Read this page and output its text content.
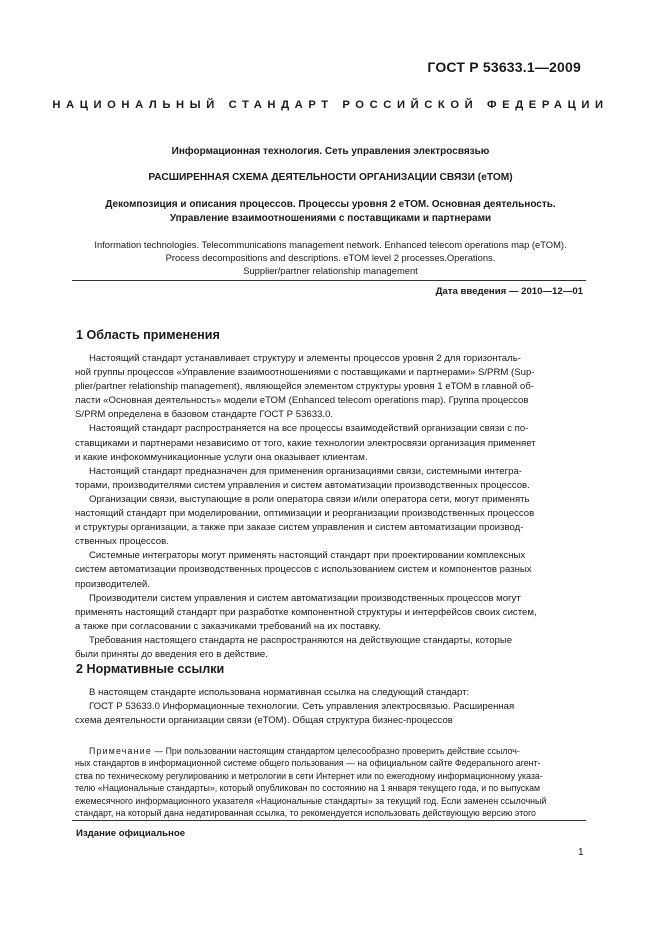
ГОСТ Р 53633.1—2009
НАЦИОНАЛЬНЫЙ СТАНДАРТ РОССИЙСКОЙ ФЕДЕРАЦИИ
Информационная технология. Сеть управления электросвязью
РАСШИРЕННАЯ СХЕМА ДЕЯТЕЛЬНОСТИ ОРГАНИЗАЦИИ СВЯЗИ (еТОМ)
Декомпозиция и описания процессов. Процессы уровня 2 еТОМ. Основная деятельность.
Управление взаимоотношениями с поставщиками и партнерами
Information technologies. Telecommunications management network. Enhanced telecom operations map (eTOM).
Process decompositions and descriptions. eTOM level 2 processes.Operations.
Supplier/partner relationship management
Дата введения — 2010—12—01
1 Область применения
Настоящий стандарт устанавливает структуру и элементы процессов уровня 2 для горизонталь-
ной группы процессов «Управление взаимоотношениями с поставщиками и партнерами» S/PRM (Sup-
plier/partner relationship management), являющейся элементом структуры уровня 1 еТОМ в главной об-
ласти «Основная деятельность» модели еТОМ (Enhanced telecom operations map). Группа процессов
S/PRM определена в базовом стандарте ГОСТ Р 53633.0.
Настоящий стандарт распространяется на все процессы взаимодействий организации связи с по-
ставщиками и партнерами независимо от того, какие технологии электросвязи организация применяет
и какие инфокоммуникационные услуги она оказывает клиентам.
Настоящий стандарт предназначен для применения организациями связи, системными интегра-
торами, производителями систем управления и систем автоматизации производственных процессов.
Организации связи, выступающие в роли оператора связи и/или оператора сети, могут применять
настоящий стандарт при моделировании, оптимизации и реорганизации производственных процессов
и структуры организации, а также при заказе систем управления и систем автоматизации производ-
ственных процессов.
Системные интеграторы могут применять настоящий стандарт при проектировании комплексных
систем автоматизации производственных процессов с использованием систем и компонентов разных
производителей.
Производители систем управления и систем автоматизации производственных процессов могут
применять настоящий стандарт при разработке компонентной структуры и интерфейсов своих систем,
а также при согласовании с заказчиками требований на их поставку.
Требования настоящего стандарта не распространяются на действующие стандарты, которые
были приняты до введения его в действие.
2 Нормативные ссылки
В настоящем стандарте использована нормативная ссылка на следующий стандарт:
ГОСТ Р 53633.0 Информационные технологии. Сеть управления электросвязью. Расширенная
схема деятельности организации связи (еТОМ). Общая структура бизнес-процессов
Примечание — При пользовании настоящим стандартом целесообразно проверить действие ссылоч-
ных стандартов в информационной системе общего пользования — на официальном сайте Федерального агент-
ства по техническому регулированию и метрологии в сети Интернет или по ежегодному информационному указа-
телю «Национальные стандарты», который опубликован по состоянию на 1 января текущего года, и по выпускам
ежемесячного информационного указателя «Национальные стандарты» за текущий год. Если заменен ссылочный
стандарт, на который дана недатированная ссылка, то рекомендуется использовать действующую версию этого
Издание официальное
1
